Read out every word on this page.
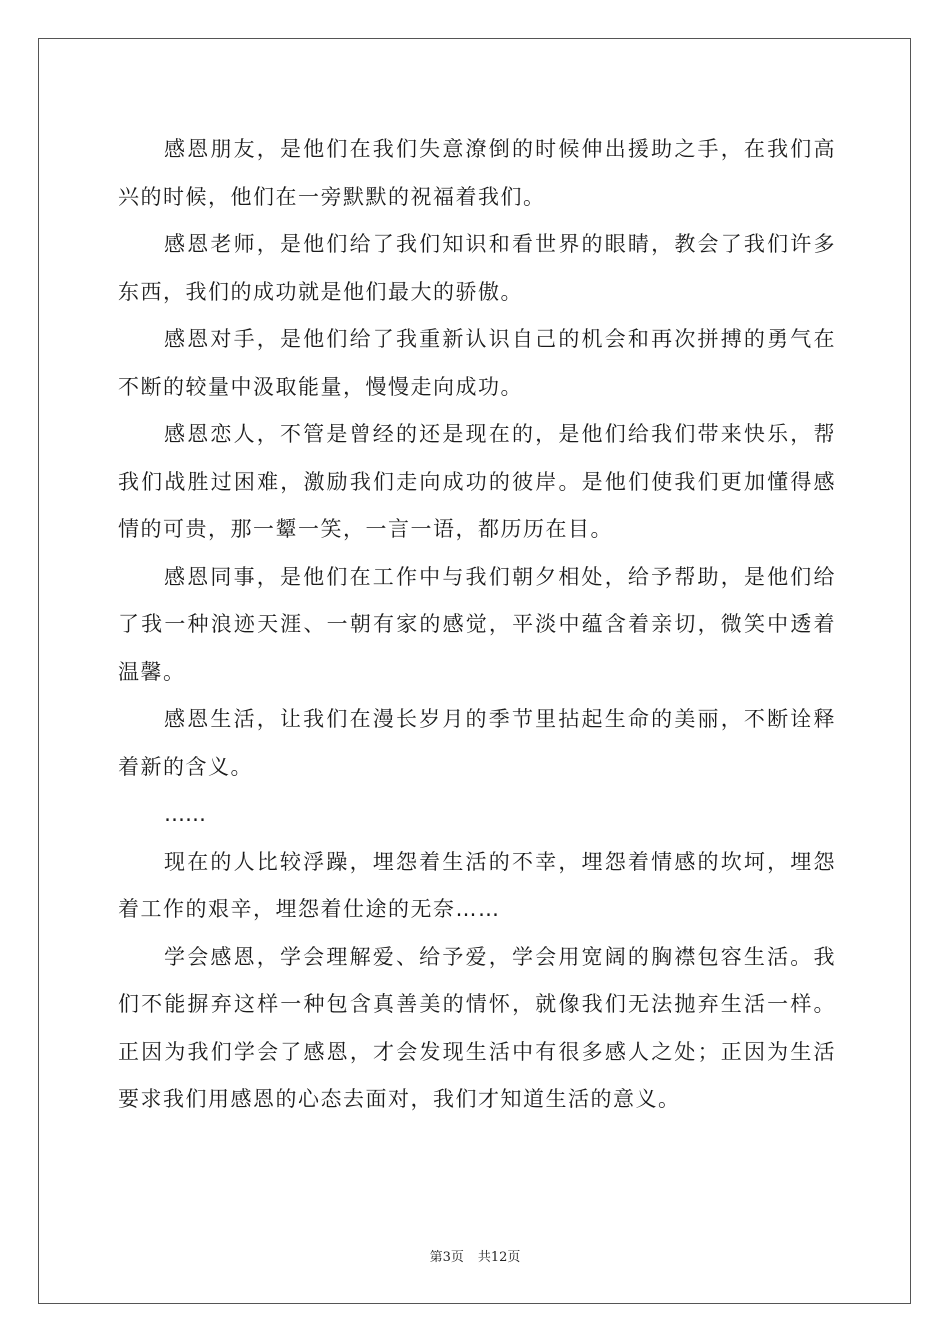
感恩朋友，是他们在我们失意潦倒的时候伸出援助之手，在我们高兴的时候，他们在一旁默默的祝福着我们。

感恩老师，是他们给了我们知识和看世界的眼睛，教会了我们许多东西，我们的成功就是他们最大的骄傲。

感恩对手，是他们给了我重新认识自己的机会和再次拼搏的勇气在不断的较量中汲取能量，慢慢走向成功。

感恩恋人，不管是曾经的还是现在的，是他们给我们带来快乐，帮我们战胜过困难，激励我们走向成功的彼岸。是他们使我们更加懂得感情的可贵，那一颦一笑，一言一语，都历历在目。

感恩同事，是他们在工作中与我们朝夕相处，给予帮助，是他们给了我一种浪迹天涯、一朝有家的感觉，平淡中蕴含着亲切，微笑中透着温馨。

感恩生活，让我们在漫长岁月的季节里拈起生命的美丽，不断诠释着新的含义。

……

现在的人比较浮躁，埋怨着生活的不幸，埋怨着情感的坎坷，埋怨着工作的艰辛，埋怨着仕途的无奈……

学会感恩，学会理解爱、给予爱，学会用宽阔的胸襟包容生活。我们不能摒弃这样一种包含真善美的情怀，就像我们无法抛弃生活一样。正因为我们学会了感恩，才会发现生活中有很多感人之处；正因为生活要求我们用感恩的心态去面对，我们才知道生活的意义。

第3页 共12页
